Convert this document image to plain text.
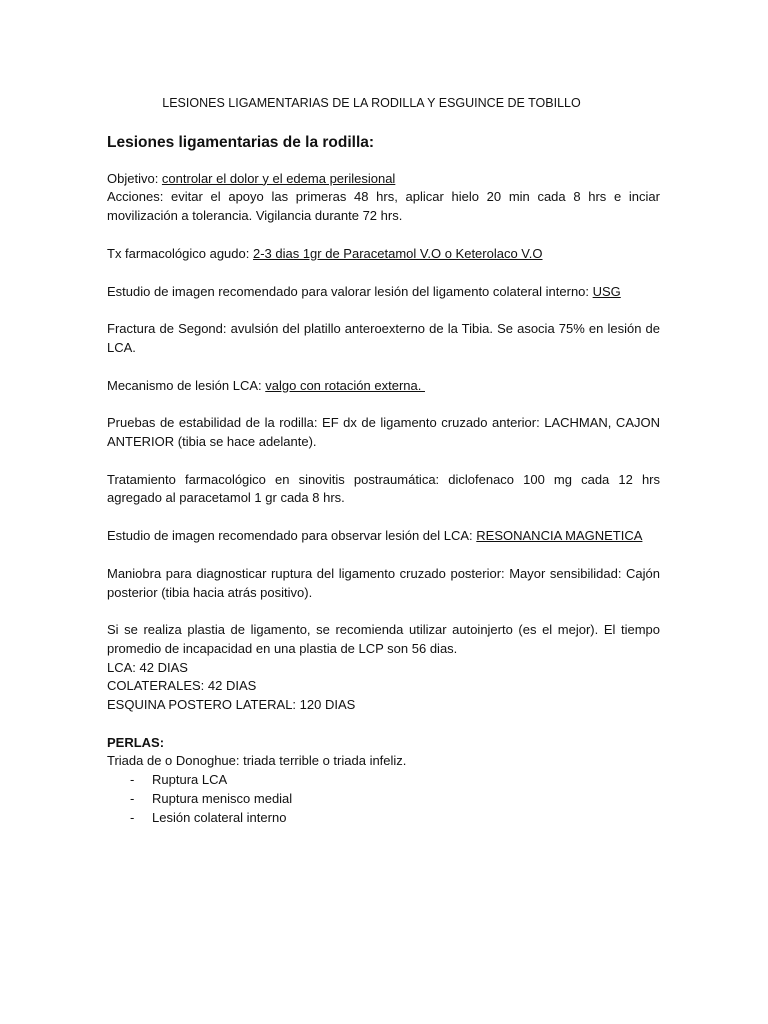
LESIONES LIGAMENTARIAS DE LA RODILLA Y ESGUINCE DE TOBILLO
Lesiones ligamentarias de la rodilla:
Objetivo: controlar el dolor y el edema perilesional
Acciones: evitar el apoyo las primeras 48 hrs, aplicar hielo 20 min cada 8 hrs e inciar movilización a tolerancia. Vigilancia durante 72 hrs.
Tx farmacológico agudo: 2-3 dias 1gr de Paracetamol V.O o Keterolaco V.O
Estudio de imagen recomendado para valorar lesión del ligamento colateral interno: USG
Fractura de Segond: avulsión del platillo anteroexterno de la Tibia. Se asocia 75% en lesión de LCA.
Mecanismo de lesión LCA: valgo con rotación externa.
Pruebas de estabilidad de la rodilla: EF dx de ligamento cruzado anterior: LACHMAN, CAJON ANTERIOR (tibia se hace adelante).
Tratamiento farmacológico en sinovitis postraumática: diclofenaco 100 mg cada 12 hrs agregado al paracetamol 1 gr cada 8 hrs.
Estudio de imagen recomendado para observar lesión del LCA: RESONANCIA MAGNETICA
Maniobra para diagnosticar ruptura del ligamento cruzado posterior: Mayor sensibilidad: Cajón posterior (tibia hacia atrás positivo).
Si se realiza plastia de ligamento, se recomienda utilizar autoinjerto (es el mejor). El tiempo promedio de incapacidad en una plastia de LCP son 56 dias.
LCA: 42 DIAS
COLATERALES: 42 DIAS
ESQUINA POSTERO LATERAL: 120 DIAS
PERLAS:
Triada de o Donoghue: triada terrible o triada infeliz.
- Ruptura LCA
- Ruptura menisco medial
- Lesión colateral interno
